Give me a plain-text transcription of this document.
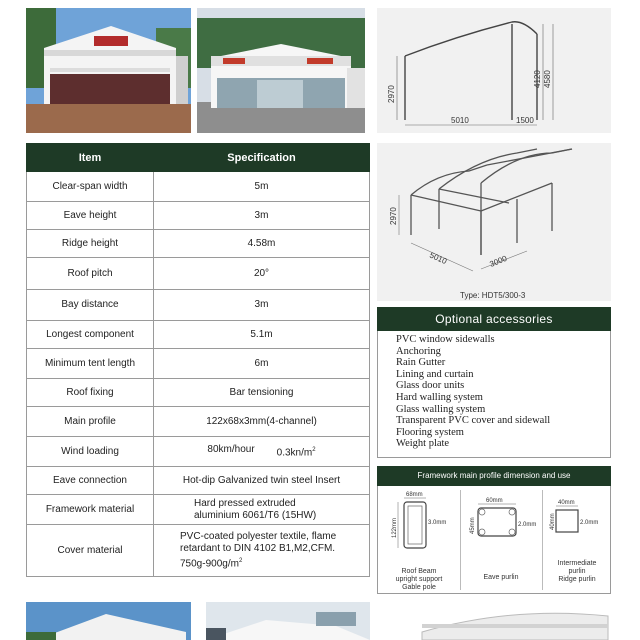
2970
4120 4580
5010	1500
2970
5010	3000
Type: HDT5/300-3
Item	Specification
Clear-span width	5m
Eave height	3m
Ridge height	4.58m
Roof pitch	20°
Bay distance	3m
Longest component	5.1m
Minimum tent length	6m
Roof fixing	Bar tensioning
Main profile	122x68x3mm(4-channel)
Wind loading	80km/hour $0.3kn/m^2$

Eave connection	Hot-dip Galvanized twin steel Insert
Framework material	Hard pressed extruded
aluminium 6061/T6 (15HW)

Cover material	PVC-coated polyester textile, flame
retardant to DIN 4102 B1,M2,CFM.
$750g-900g/m^2$
Optional accessories
PVC window sidewalls
Anchoring
Rain Gutter
Lining and curtain
Glass door units
Hard walling system
Glass walling system
Transparent PVC cover and sidewall
Flooring system
Weight plate
Framework main profile dimension and use
68mm
122mm	3.0mm
Roof Beam
upright support
Gable pole
60mm
45mm	2.0mm
Eave purlin
40mm
40mm	2.0mm
Intermediate
purlin
Ridge purlin
